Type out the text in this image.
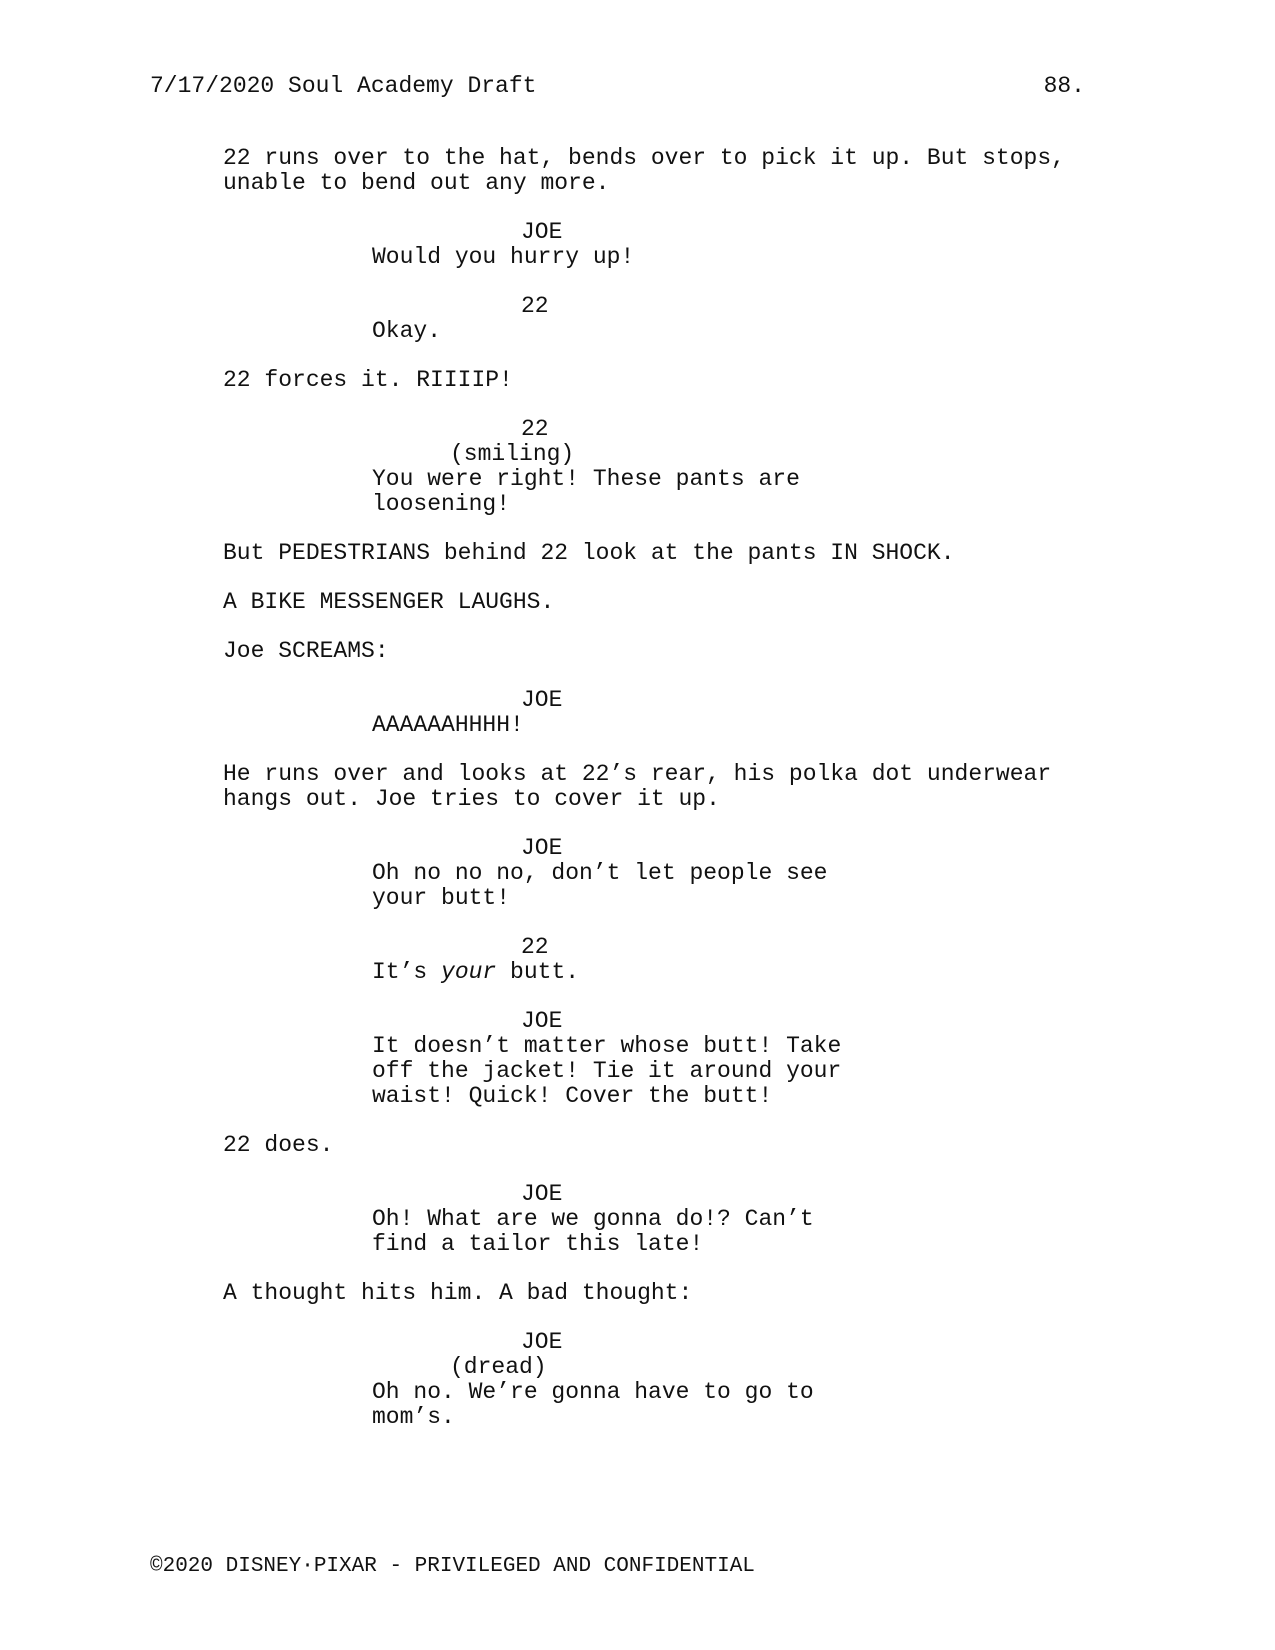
7/17/2020 Soul Academy Draft	88.
22 runs over to the hat, bends over to pick it up. But stops,
unable to bend out any more.
JOE
Would you hurry up!
22
Okay.
22 forces it. RIIIIP!
22
(smiling)
You were right! These pants are
loosening!
But PEDESTRIANS behind 22 look at the pants IN SHOCK.
A BIKE MESSENGER LAUGHS.
Joe SCREAMS:
JOE
AAAAAAHHHH!
He runs over and looks at 22’s rear, his polka dot underwear
hangs out. Joe tries to cover it up.
JOE
Oh no no no, don’t let people see
your butt!
22
It’s your butt.
JOE
It doesn’t matter whose butt! Take
off the jacket! Tie it around your
waist! Quick! Cover the butt!
22 does.
JOE
Oh! What are we gonna do!? Can’t
find a tailor this late!
A thought hits him. A bad thought:
JOE
(dread)
Oh no. We’re gonna have to go to
mom’s.
©2020 DISNEY·PIXAR - PRIVILEGED AND CONFIDENTIAL
